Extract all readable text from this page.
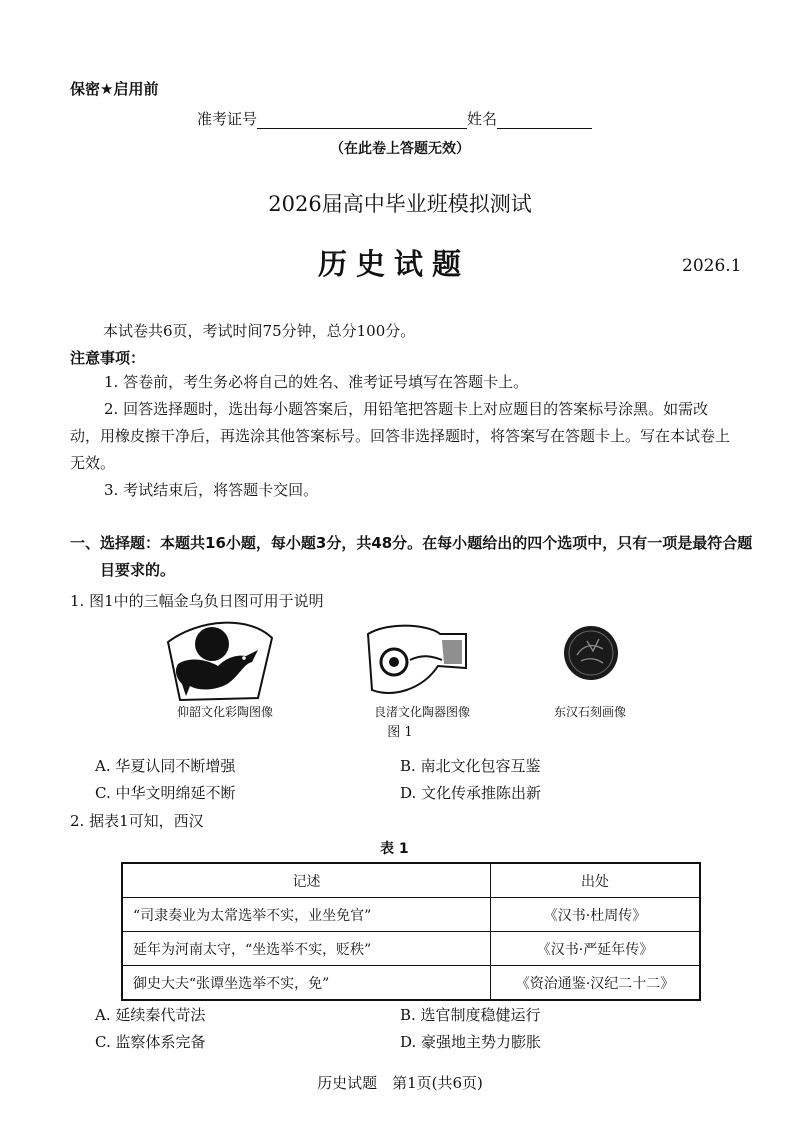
保密★启用前
准考证号	姓名
（在此卷上答题无效）
2026届高中毕业班模拟测试
历史试题	2026.1
本试卷共6页，考试时间75分钟，总分100分。
注意事项：

1. 答卷前，考生务必将自己的姓名、准考证号填写在答题卡上。

2. 回答选择题时，选出每小题答案后，用铅笔把答题卡上对应题目的答案标号涂黑。如需改动，用橡皮擦干净后，再选涂其他答案标号。回答非选择题时，将答案写在答题卡上。写在本试卷上无效。

3. 考试结束后，将答题卡交回。

一、选择题：本题共16小题，每小题3分，共48分。在每小题给出的四个选项中，只有一项是最符合题目要求的。
1. 图1中的三幅金乌负日图可用于说明
仰韶文化彩陶图像	良渚文化陶器图像	东汉石刻画像
图 1
A. 华夏认同不断增强	B. 南北文化包容互鉴
C. 中华文明绵延不断	D. 文化传承推陈出新
2. 据表1可知，西汉
表 1
记述	出处
“司隶奏业为太常选举不实，业坐免官”	《汉书·杜周传》
延年为河南太守，“坐选举不实，贬秩”	《汉书·严延年传》
御史大夫“张谭坐选举不实，免”	《资治通鉴·汉纪二十二》
A. 延续秦代苛法	B. 选官制度稳健运行
C. 监察体系完备	D. 豪强地主势力膨胀
历史试题　第1页(共6页)
